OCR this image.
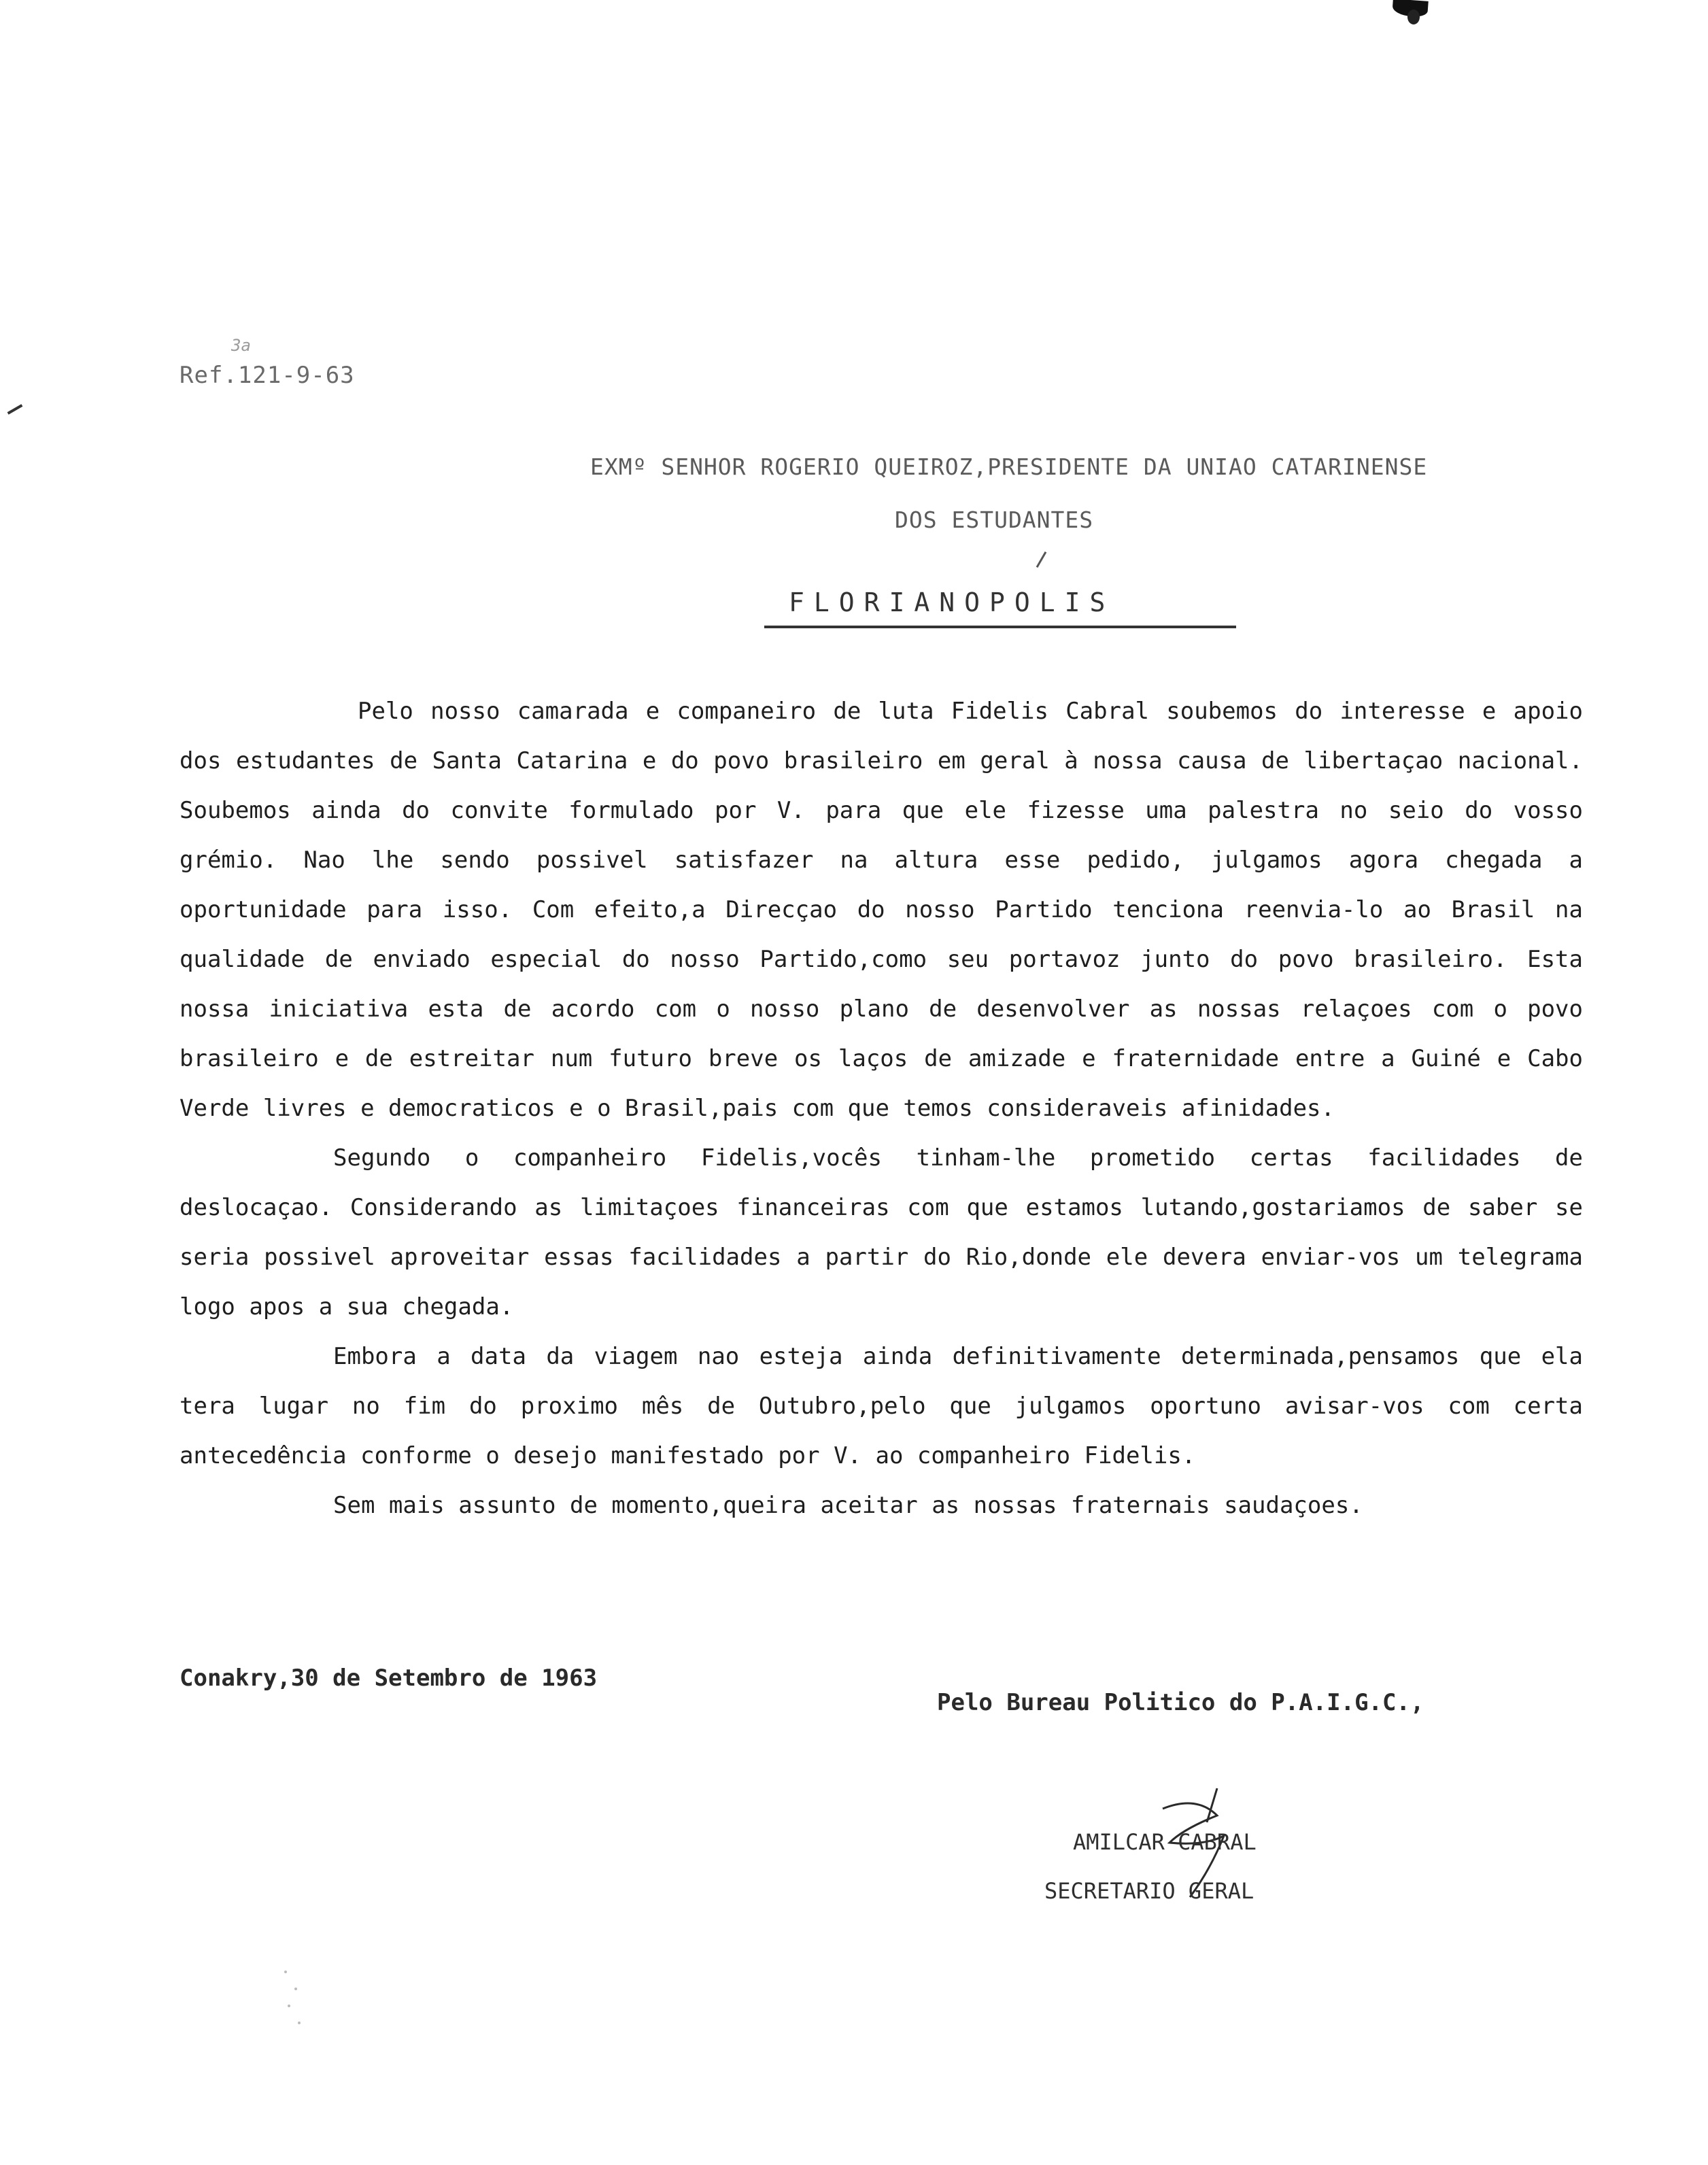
3a
Ref.121-9-63
EXMº SENHOR ROGERIO QUEIROZ,PRESIDENTE DA UNIAO CATARINENSE
DOS ESTUDANTES
FLORIANOPOLIS

Pelo nosso camarada e companeiro de luta Fidelis Cabral soubemos do interesse e apoio dos estudantes de Santa Catarina e do povo brasileiro em geral à nossa causa de libertaçao nacional. Soubemos ainda do convite formulado por V. para que ele fizesse uma palestra no seio do vosso grémio. Nao lhe sendo possivel satisfazer na altura esse pedido, julgamos agora chegada a oportunidade para isso. Com efeito,a Direcçao do nosso Partido tenciona reenvia-lo ao Brasil na qualidade de enviado especial do nosso Partido,como seu portavoz junto do povo brasileiro. Esta nossa iniciativa esta de acordo com o nosso plano de desenvolver as nossas relaçoes com o povo brasileiro e de estreitar num futuro breve os laços de amizade e fraternidade entre a Guiné e Cabo Verde livres e democraticos e o Brasil,pais com que temos consideraveis afinidades.

Segundo o companheiro Fidelis,vocês tinham-lhe prometido certas facilidades de deslocaçao. Considerando as limitaçoes financeiras com que estamos lutando,gostariamos de saber se seria possivel aproveitar essas facilidades a partir do Rio,donde ele devera enviar-vos um telegrama logo apos a sua chegada.

Embora a data da viagem nao esteja ainda definitivamente determinada,pensamos que ela tera lugar no fim do proximo mês de Outubro,pelo que julgamos oportuno avisar-vos com certa antecedência conforme o desejo manifestado por V. ao companheiro Fidelis.

Sem mais assunto de momento,queira aceitar as nossas fraternais saudaçoes.

Conakry,30 de Setembro de 1963
Pelo Bureau Politico do P.A.I.G.C.,
AMILCAR CABRAL
SECRETARIO GERAL
